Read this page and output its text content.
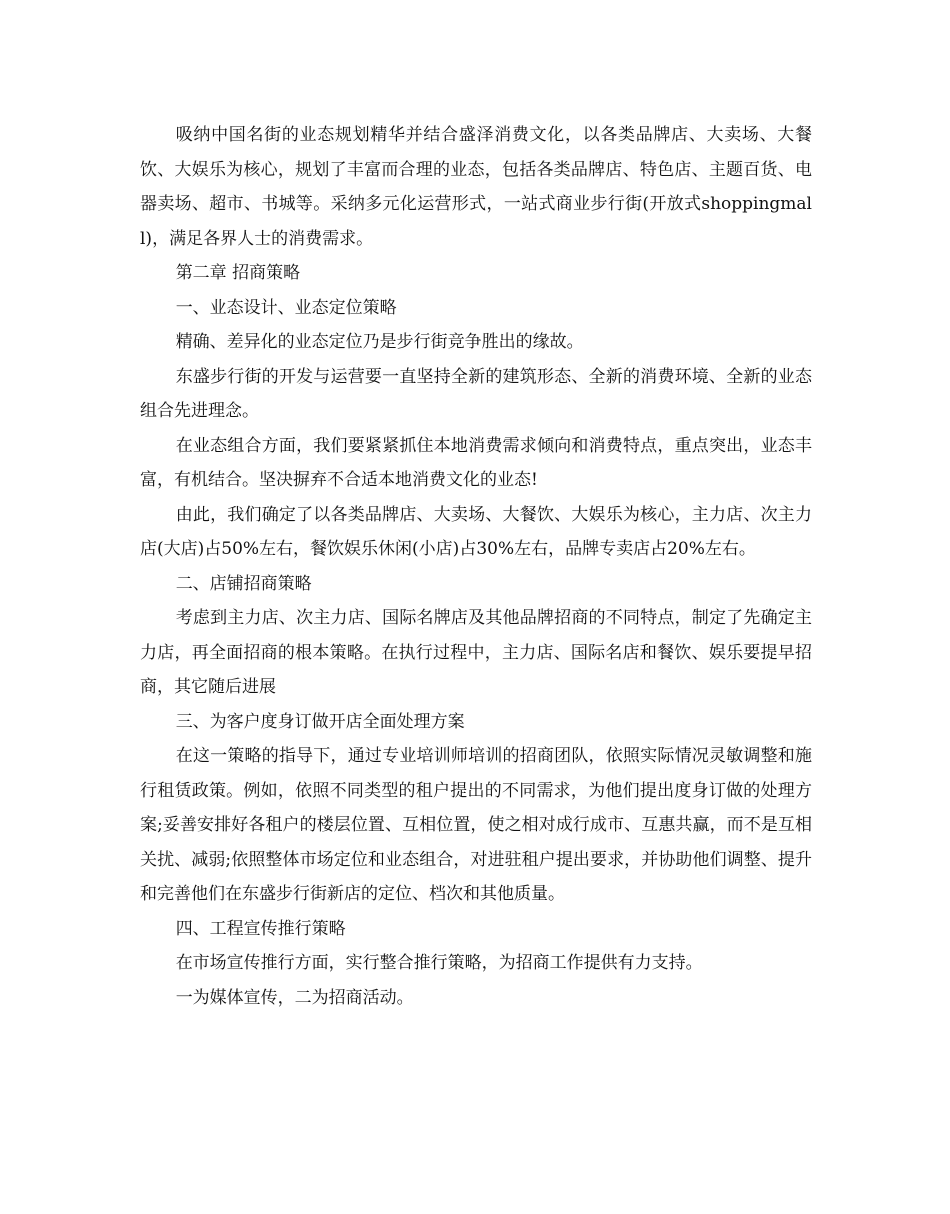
吸纳中国名街的业态规划精华并结合盛泽消费文化，以各类品牌店、大卖场、大餐饮、大娱乐为核心，规划了丰富而合理的业态，包括各类品牌店、特色店、主题百货、电器卖场、超市、书城等。采纳多元化运营形式，一站式商业步行街(开放式shoppingmall)，满足各界人士的消费需求。

第二章 招商策略

一、业态设计、业态定位策略

精确、差异化的业态定位乃是步行街竞争胜出的缘故。

东盛步行街的开发与运营要一直坚持全新的建筑形态、全新的消费环境、全新的业态组合先进理念。

在业态组合方面，我们要紧紧抓住本地消费需求倾向和消费特点，重点突出，业态丰富，有机结合。坚决摒弃不合适本地消费文化的业态!

由此，我们确定了以各类品牌店、大卖场、大餐饮、大娱乐为核心，主力店、次主力店(大店)占50%左右，餐饮娱乐休闲(小店)占30%左右，品牌专卖店占20%左右。

二、店铺招商策略

考虑到主力店、次主力店、国际名牌店及其他品牌招商的不同特点，制定了先确定主力店，再全面招商的根本策略。在执行过程中，主力店、国际名店和餐饮、娱乐要提早招商，其它随后进展

三、为客户度身订做开店全面处理方案

在这一策略的指导下，通过专业培训师培训的招商团队，依照实际情况灵敏调整和施行租赁政策。例如，依照不同类型的租户提出的不同需求，为他们提出度身订做的处理方案;妥善安排好各租户的楼层位置、互相位置，使之相对成行成市、互惠共赢，而不是互相关扰、减弱;依照整体市场定位和业态组合，对进驻租户提出要求，并协助他们调整、提升和完善他们在东盛步行街新店的定位、档次和其他质量。

四、工程宣传推行策略

在市场宣传推行方面，实行整合推行策略，为招商工作提供有力支持。

一为媒体宣传，二为招商活动。
